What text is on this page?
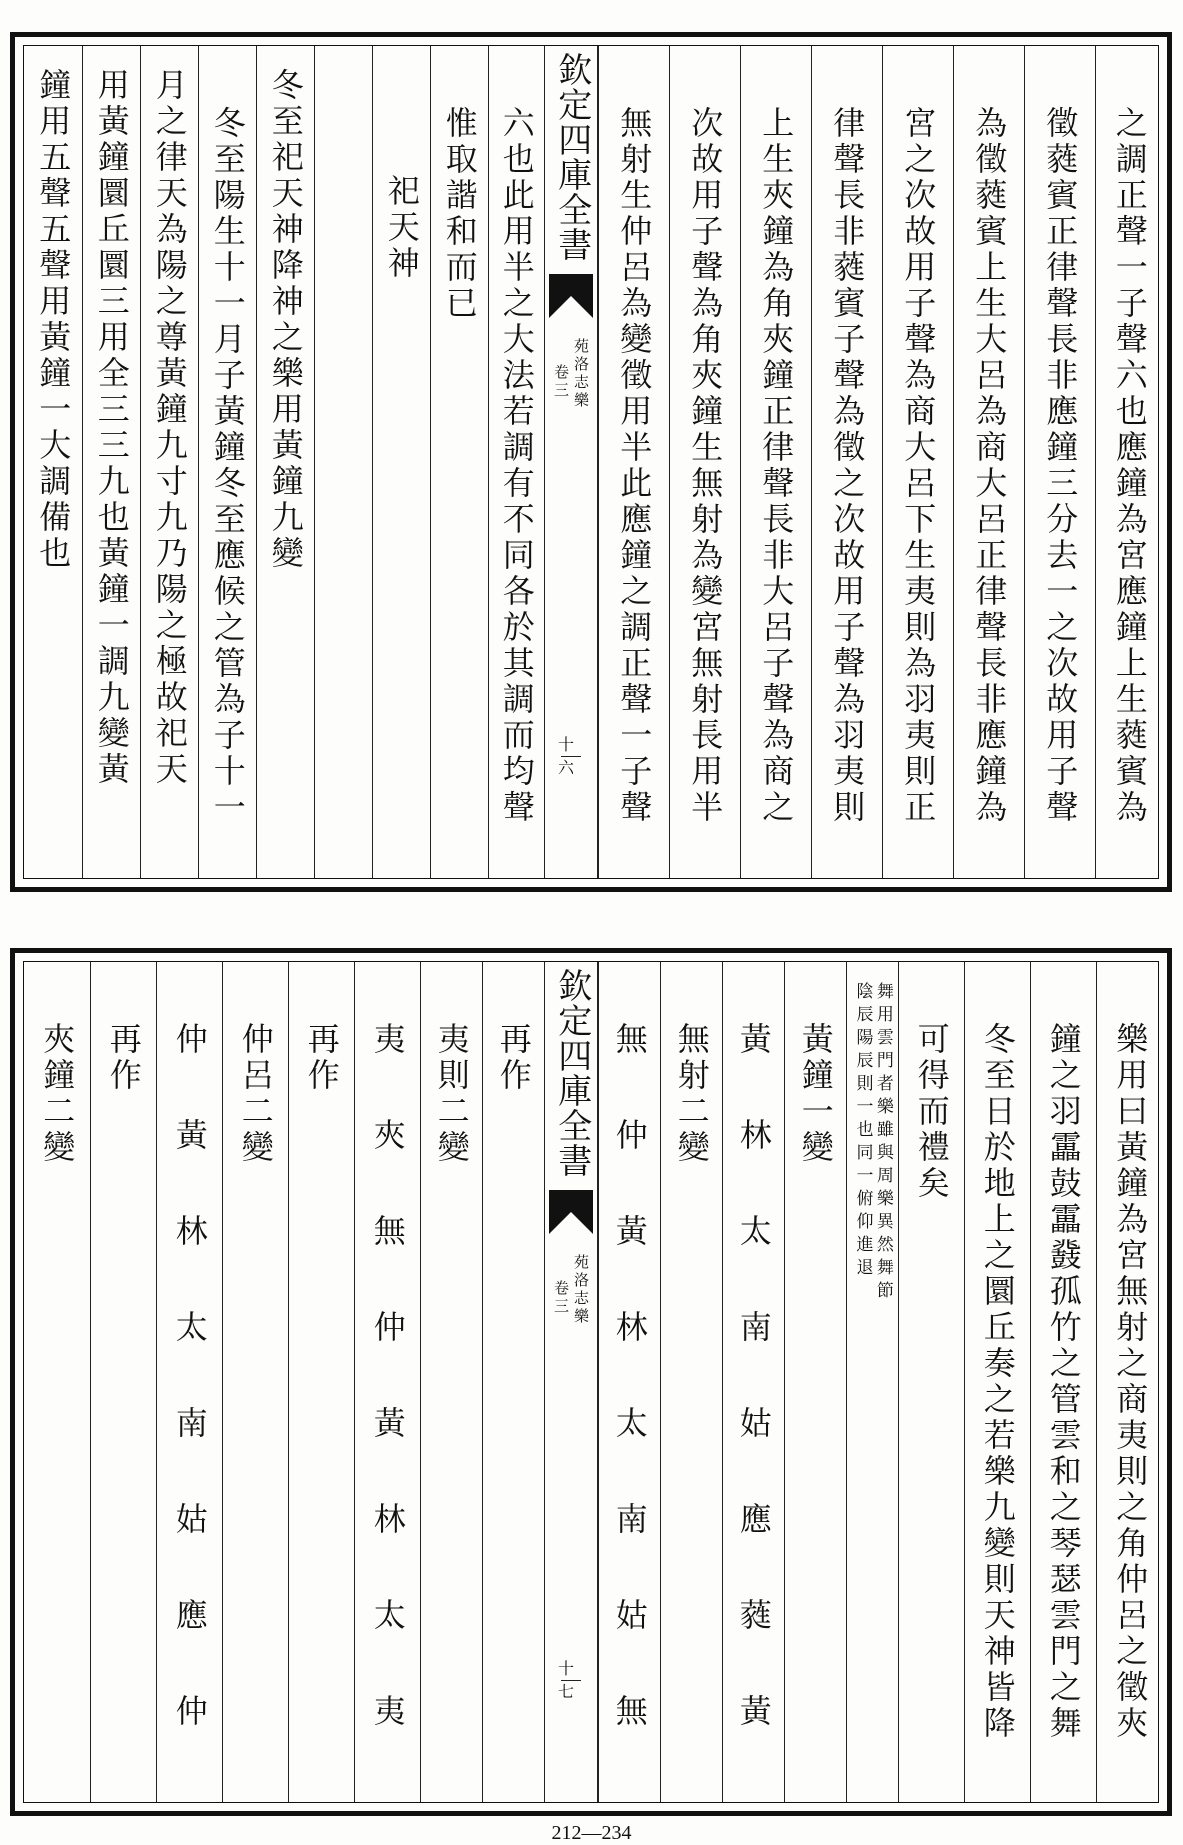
鐘用五聲五聲用黃鐘一大調備也 用黃鐘圜丘圜三用全三三九也黃鐘一調九變黃 月之律天為陽之尊黃鐘九寸九乃陽之極故祀天 冬至陽生十一月子黃鐘冬至應候之管為子十一 冬至祀天神降神之樂用黃鐘九變 祀天神 惟取諧和而已 六也此用半之大法若調有不同各於其調而均聲 欽定四庫全書
苑洛志樂
卷三
十六	無射生仲呂為變徵用半此應鐘之調正聲一子聲 次故用子聲為角夾鐘生無射為變宮無射長用半 上生夾鐘為角夾鐘正律聲長非大呂子聲為商之 律聲長非蕤賓子聲為徵之次故用子聲為羽夷則 宮之次故用子聲為商大呂下生夷則為羽夷則正 為徵蕤賓上生大呂為商大呂正律聲長非應鐘為 徵蕤賓正律聲長非應鐘三分去一之次故用子聲 之調正聲一子聲六也應鐘為宮應鐘上生蕤賓為
夾鐘二變 再作 仲黃林太南姑應仲 仲呂二變 再作 夷夾無仲黃林太夷 夷則二變 再作 欽定四庫全書
苑洛志樂
卷三
十七	無仲黃林太南姑無 無射二變 黃林太南姑應蕤黃 黃鐘一變 舞用雲門者樂雖與周樂異然舞節
陰辰陽辰則一也同一俯仰進退 可得而禮矣 冬至日於地上之圜丘奏之若樂九變則天神皆降 鐘之羽靁鼓靁鼗孤竹之管雲和之琴瑟雲門之舞 樂用曰黃鐘為宮無射之商夷則之角仲呂之徵夾
212—234
